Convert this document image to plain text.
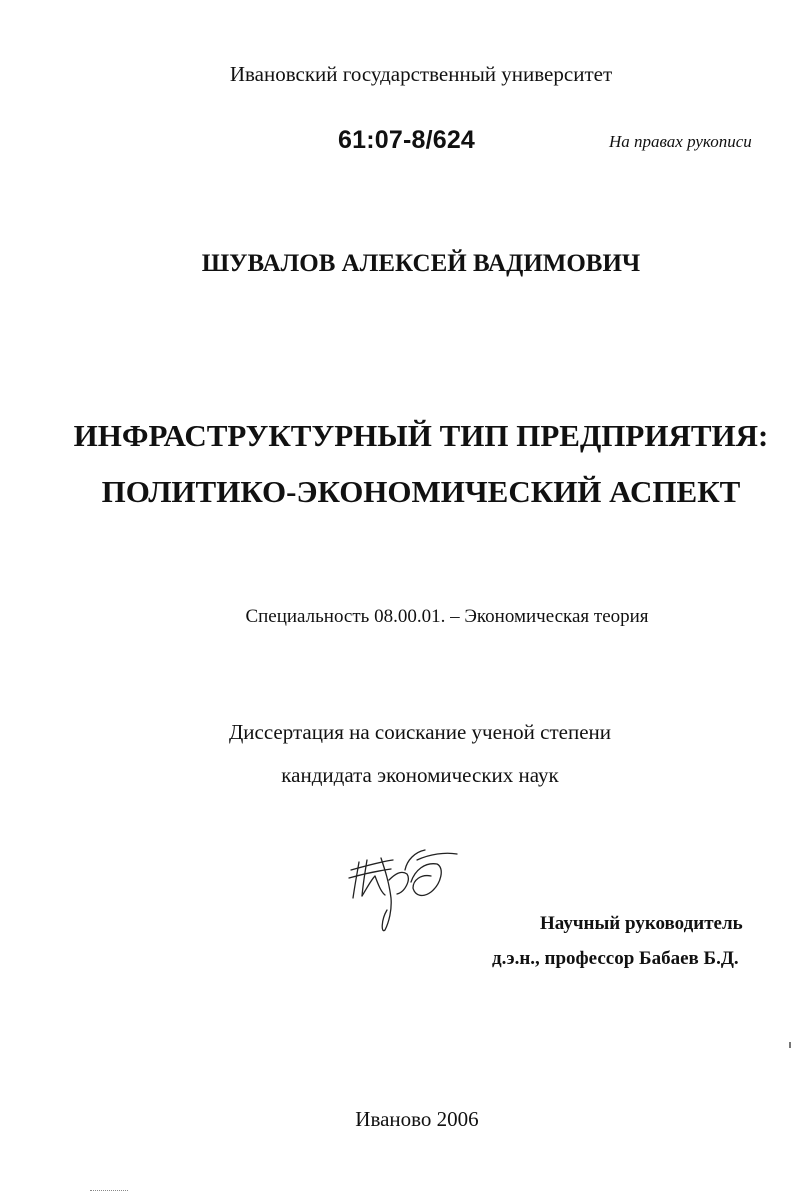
Ивановский государственный университет
61:07-8/624	На правах рукописи
ШУВАЛОВ АЛЕКСЕЙ ВАДИМОВИЧ
ИНФРАСТРУКТУРНЫЙ ТИП ПРЕДПРИЯТИЯ:
ПОЛИТИКО-ЭКОНОМИЧЕСКИЙ АСПЕКТ
Специальность 08.00.01. – Экономическая теория
Диссертация на соискание ученой степени
кандидата экономических наук
Научный руководитель
д.э.н., профессор Бабаев Б.Д.
Иваново 2006
